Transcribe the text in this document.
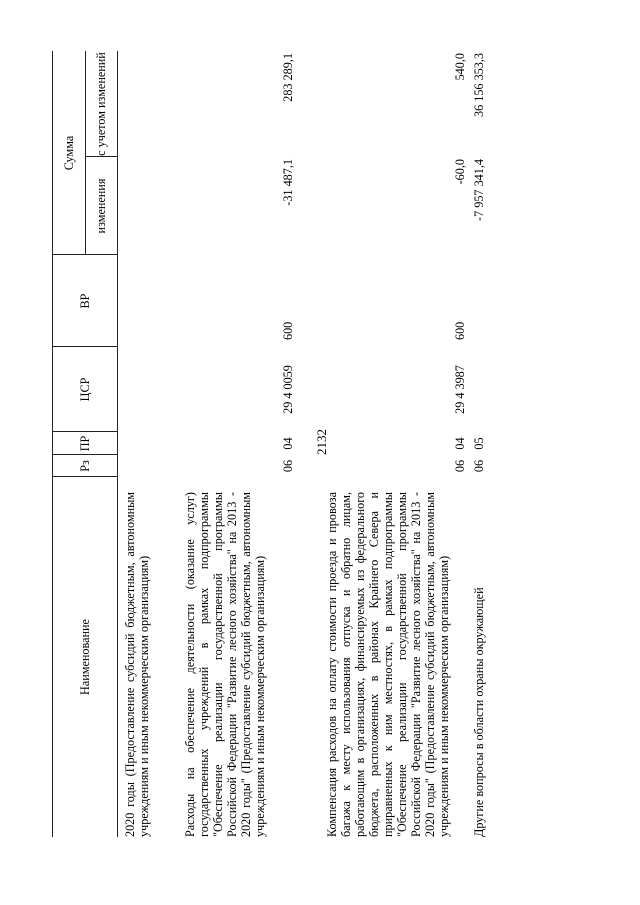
2132
Наименование
Рз
ПР
ЦСР
ВР
Сумма
изменения
с учетом изменений
2020 годы (Предоставление субсидий бюджетным, автономным учреждениям и иным некоммерческим организациям)	Расходы на обеспечение деятельности (оказание услуг) государственных учреждений в рамках подпрограммы "Обеспечение реализации государственной программы Российской Федерации "Развитие лесного хозяйства" на 2013 - 2020 годы" (Предоставление субсидий бюджетным, автономным учреждениям и иным некоммерческим организациям)
06
04
29 4 0059
600
-31 487,1
283 289,1
Компенсация расходов на оплату стоимости проезда и провоза багажа к месту использования отпуска и обратно лицам, работающим в организациях, финансируемых из федерального бюджета, расположенных в районах Крайнего Севера и приравненных к ним местностях, в рамках подпрограммы "Обеспечение реализации государственной программы Российской Федерации "Развитие лесного хозяйства" на 2013 - 2020 годы" (Предоставление субсидий бюджетным, автономным учреждениям и иным некоммерческим организациям)
06
04
29 4 3987
600
-60,0
540,0
Другие вопросы в области охраны окружающей
06
05
-7 957 341,4
36 156 353,3
